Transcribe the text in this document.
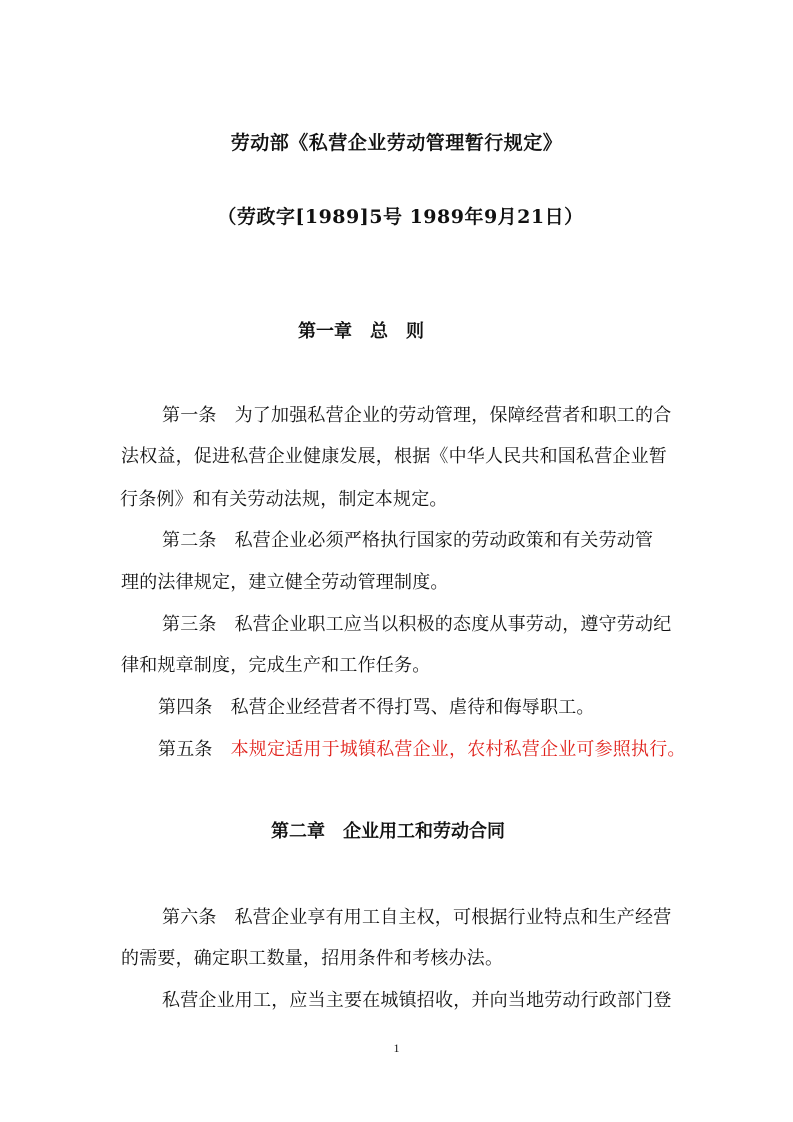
劳动部《私营企业劳动管理暂行规定》
（劳政字[1989]5号 1989年9月21日）
第一章　总　则
第一条 为了加强私营企业的劳动管理，保障经营者和职工的合
法权益，促进私营企业健康发展，根据《中华人民共和国私营企业暂
行条例》和有关劳动法规，制定本规定。
第二条 私营企业必须严格执行国家的劳动政策和有关劳动管
理的法律规定，建立健全劳动管理制度。
第三条 私营企业职工应当以积极的态度从事劳动，遵守劳动纪
律和规章制度，完成生产和工作任务。
第四条 私营企业经营者不得打骂、虐待和侮辱职工。
第五条 本规定适用于城镇私营企业，农村私营企业可参照执行。
第二章　企业用工和劳动合同
第六条 私营企业享有用工自主权，可根据行业特点和生产经营
的需要，确定职工数量，招用条件和考核办法。
私营企业用工，应当主要在城镇招收，并向当地劳动行政部门登
1
